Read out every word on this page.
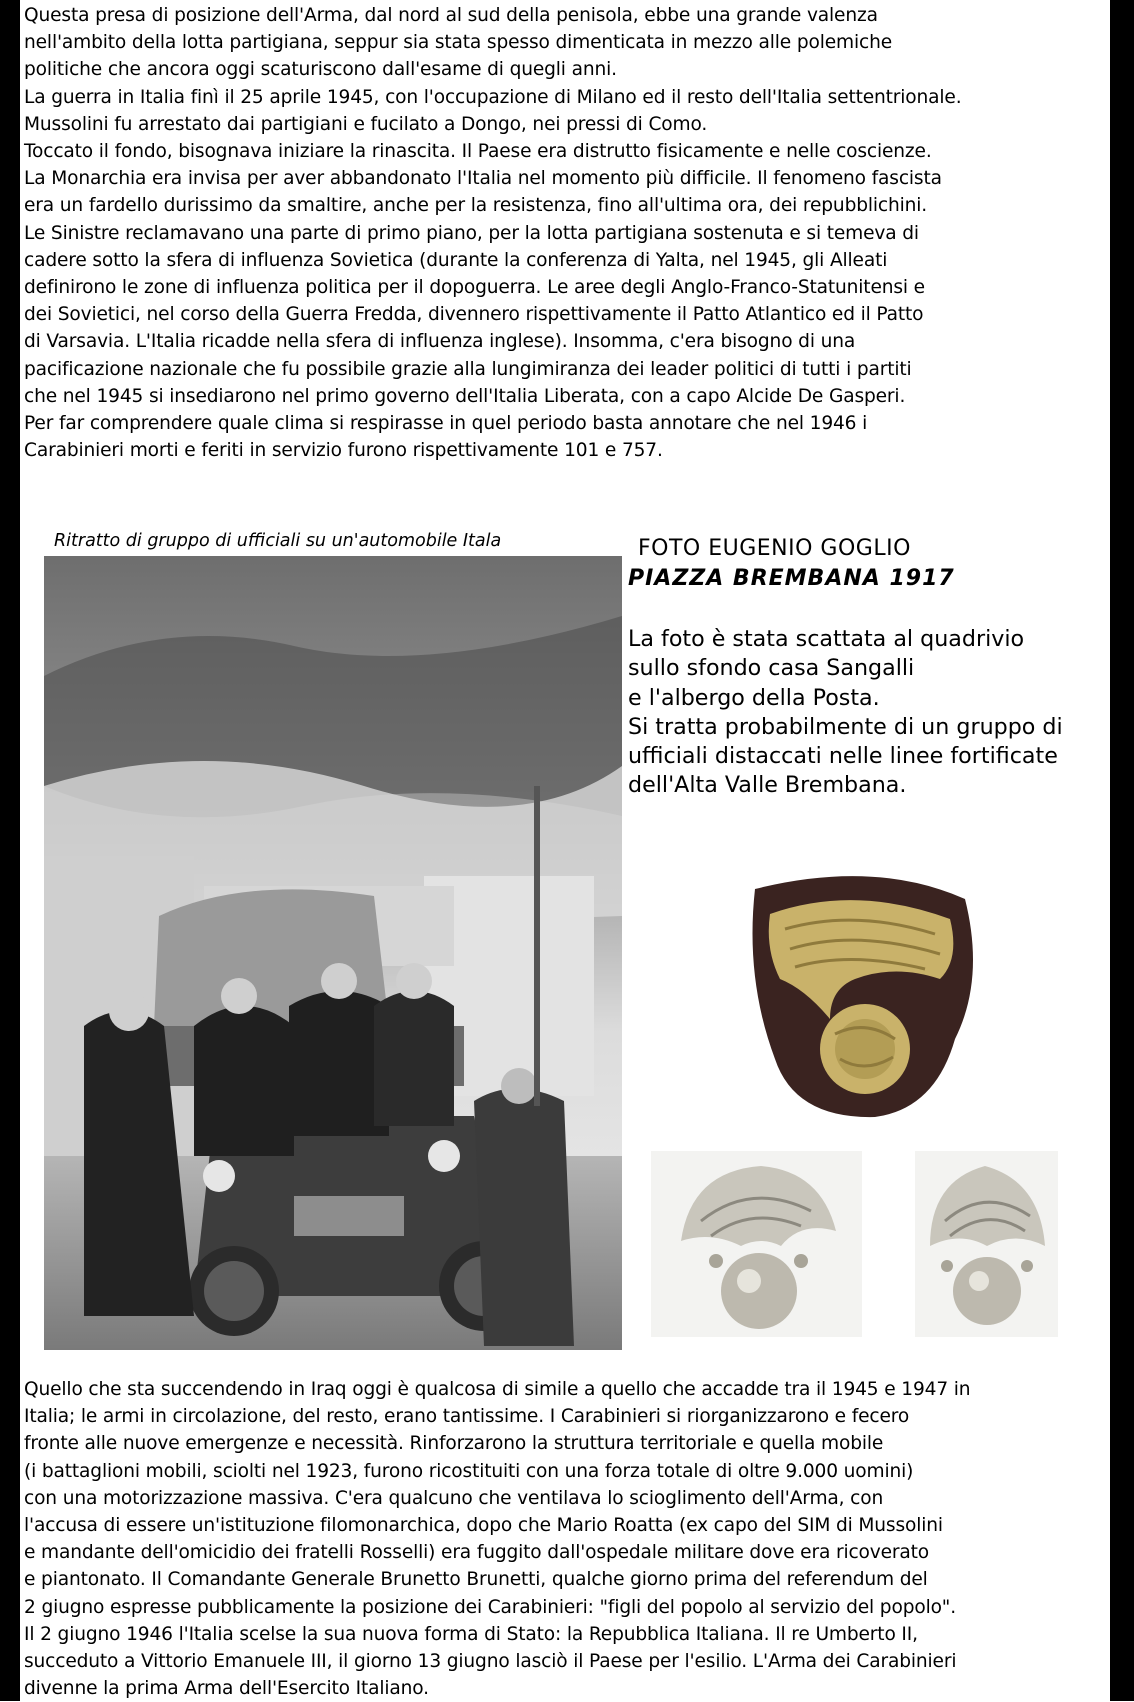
Questa presa di posizione dell'Arma, dal nord al sud della penisola, ebbe una grande valenza
nell'ambito della lotta partigiana, seppur sia stata spesso dimenticata in mezzo alle polemiche
politiche che ancora oggi scaturiscono dall'esame di quegli anni.
La guerra in Italia finì il 25 aprile 1945, con l'occupazione di Milano ed il resto dell'Italia settentrionale.
Mussolini fu arrestato dai partigiani e fucilato a Dongo, nei pressi di Como.
Toccato il fondo, bisognava iniziare la rinascita. Il Paese era distrutto fisicamente e nelle coscienze.
La Monarchia era invisa per aver abbandonato l'Italia nel momento più difficile. Il fenomeno fascista
era un fardello durissimo da smaltire, anche per la resistenza, fino all'ultima ora, dei repubblichini.
Le Sinistre reclamavano una parte di primo piano, per la lotta partigiana sostenuta e si temeva di
cadere sotto la sfera di influenza Sovietica (durante la conferenza di Yalta, nel 1945, gli Alleati
definirono le zone di influenza politica per il dopoguerra. Le aree degli Anglo-Franco-Statunitensi e
dei Sovietici, nel corso della Guerra Fredda, divennero rispettivamente il Patto Atlantico ed il Patto
di Varsavia. L'Italia ricadde nella sfera di influenza inglese). Insomma, c'era bisogno di una
pacificazione nazionale che fu possibile grazie alla lungimiranza dei leader politici di tutti i partiti
che nel 1945 si insediarono nel primo governo dell'Italia Liberata, con a capo Alcide De Gasperi.
Per far comprendere quale clima si respirasse in quel periodo basta annotare che nel 1946 i
Carabinieri morti e feriti in servizio furono rispettivamente 101 e 757.
Ritratto di gruppo di ufficiali su un'automobile Itala	FOTO EUGENIO GOGLIO
PIAZZA BREMBANA 1917
La foto è stata scattata al quadrivio
sullo sfondo casa Sangalli
e l'albergo della Posta.
Si tratta probabilmente di un gruppo di
ufficiali distaccati nelle linee fortificate
dell'Alta Valle Brembana.
Quello che sta succendendo in Iraq oggi è qualcosa di simile a quello che accadde tra il 1945 e 1947 in
Italia; le armi in circolazione, del resto, erano tantissime. I Carabinieri si riorganizzarono e fecero
fronte alle nuove emergenze e necessità. Rinforzarono la struttura territoriale e quella mobile
(i battaglioni mobili, sciolti nel 1923, furono ricostituiti con una forza totale di oltre 9.000 uomini)
con una motorizzazione massiva. C'era qualcuno che ventilava lo scioglimento dell'Arma, con
l'accusa di essere un'istituzione filomonarchica, dopo che Mario Roatta (ex capo del SIM di Mussolini
e mandante dell'omicidio dei fratelli Rosselli) era fuggito dall'ospedale militare dove era ricoverato
e piantonato. Il Comandante Generale Brunetto Brunetti, qualche giorno prima del referendum del
2 giugno espresse pubblicamente la posizione dei Carabinieri: "figli del popolo al servizio del popolo".
Il 2 giugno 1946 l'Italia scelse la sua nuova forma di Stato: la Repubblica Italiana. Il re Umberto II,
succeduto a Vittorio Emanuele III, il giorno 13 giugno lasciò il Paese per l'esilio. L'Arma dei Carabinieri
divenne la prima Arma dell'Esercito Italiano.
